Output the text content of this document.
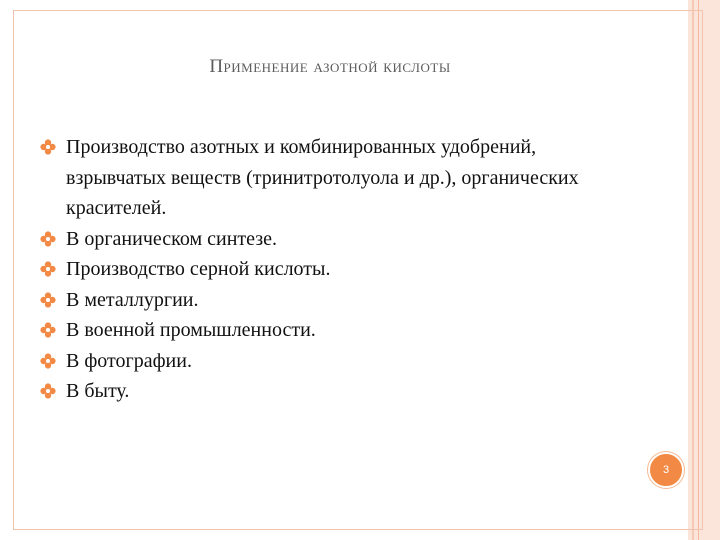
Применение азотной кислоты
Производство азотных и комбинированных удобрений, взрывчатых веществ (тринитротолуола и др.), органических красителей.
В органическом синтезе.
Производство серной кислоты.
В металлургии.
В военной промышленности.
В фотографии.
В быту.
3
